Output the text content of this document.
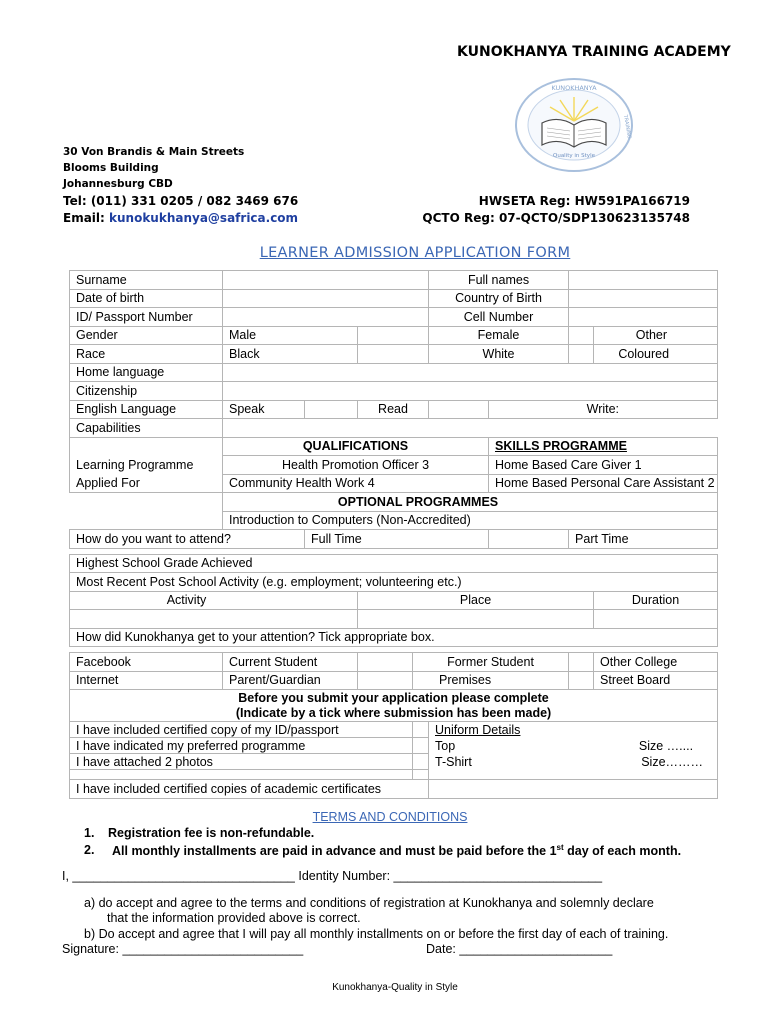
KUNOKHANYA TRAINING ACADEMY
KUNOKHANYA
TRAINING
Quality in Style
30 Von Brandis & Main Streets
Blooms Building
Johannesburg CBD
Tel: (011) 331 0205 / 082 3469 676
Email: kunokukhanya@safrica.com
HWSETA Reg: HW591PA166719
QCTO Reg: 07-QCTO/SDP130623135748
LEARNER ADMISSION APPLICATION FORM
Surname					Full names			
Date of birth					Country of Birth			
ID/ Passport Number					Cell Number			
Gender	Male				Female			Other
Race	Black				White			Coloured
Home language								
Citizenship								
English Language	Speak		Read			Write:		
Capabilities								
	QUALIFICATIONS					SKILLS PROGRAMME		
Learning Programme	Health Promotion Officer 3					Home Based Care Giver 1		
Applied For	Community Health Work 4					Home Based Personal Care Assistant 2		
	OPTIONAL PROGRAMMES							
	Introduction to Computers (Non-Accredited)							
How do you want to attend?		Full Time					Part Time	

Highest School Grade Achieved								
Most Recent Post School Activity (e.g. employment; volunteering etc.)								
Activity			Place					Duration

How did Kunokhanya get to your attention? Tick appropriate box.								

Facebook	Current Student			Former Student				Other College
Internet	Parent/Guardian			Premises				Street Board
Before you submit your application please complete								
(Indicate by a tick where submission has been made)								
I have included certified copy of my ID/passport					Uniform Details			
I have indicated my preferred programme					Top		Size …....	
I have attached 2 photos					T-Shirt		Size………	

I have included certified copies of academic certificates								
TERMS AND CONDITIONS
1. Registration fee is non-refundable.
2. All monthly installments are paid in advance and must be paid before the 1st day of each month.
I, ________________________________ Identity Number: ______________________________
a) do accept and agree to the terms and conditions of registration at Kunokhanya and solemnly declare
that the information provided above is correct.
b) Do accept and agree that I will pay all monthly installments on or before the first day of each of training.
Signature: __________________________	Date: ______________________
Kunokhanya-Quality in Style
